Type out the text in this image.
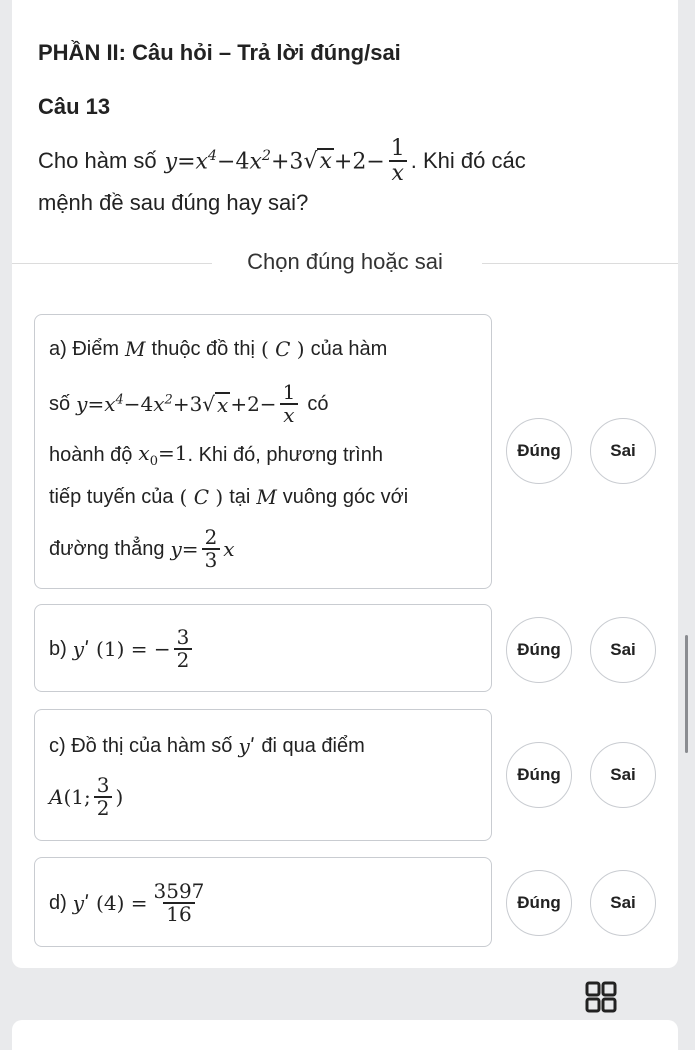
PHẦN II: Câu hỏi – Trả lời đúng/sai
Câu 13
Cho hàm số $y=x^4-4x^2+3$ √ $x +2- \frac{1}{x}$ . Khi đó các
mệnh đề sau đúng hay sai?
Chọn đúng hoặc sai
a)
Điểm M thuộc đồ thị ( C ) của hàm
số $y=x^4-4x^2+3$ √ $x +2- \frac{1}{x}$ có
hoành độ $x_0=1$ . Khi đó, phương trình
tiếp tuyến của ( C ) tại M vuông góc với
đường thẳng $y= \frac{2}{3}$ x
Đúng	Sai
b) yʹ (1) = − $\frac{3}{2}$	Đúng	Sai
c)
Đồ thị của hàm số yʹ đi qua điểm
A(1; $\frac{3}{2}$ )
Đúng	Sai
d) yʹ $(4) = \frac{3597}{16}$	Đúng	Sai
